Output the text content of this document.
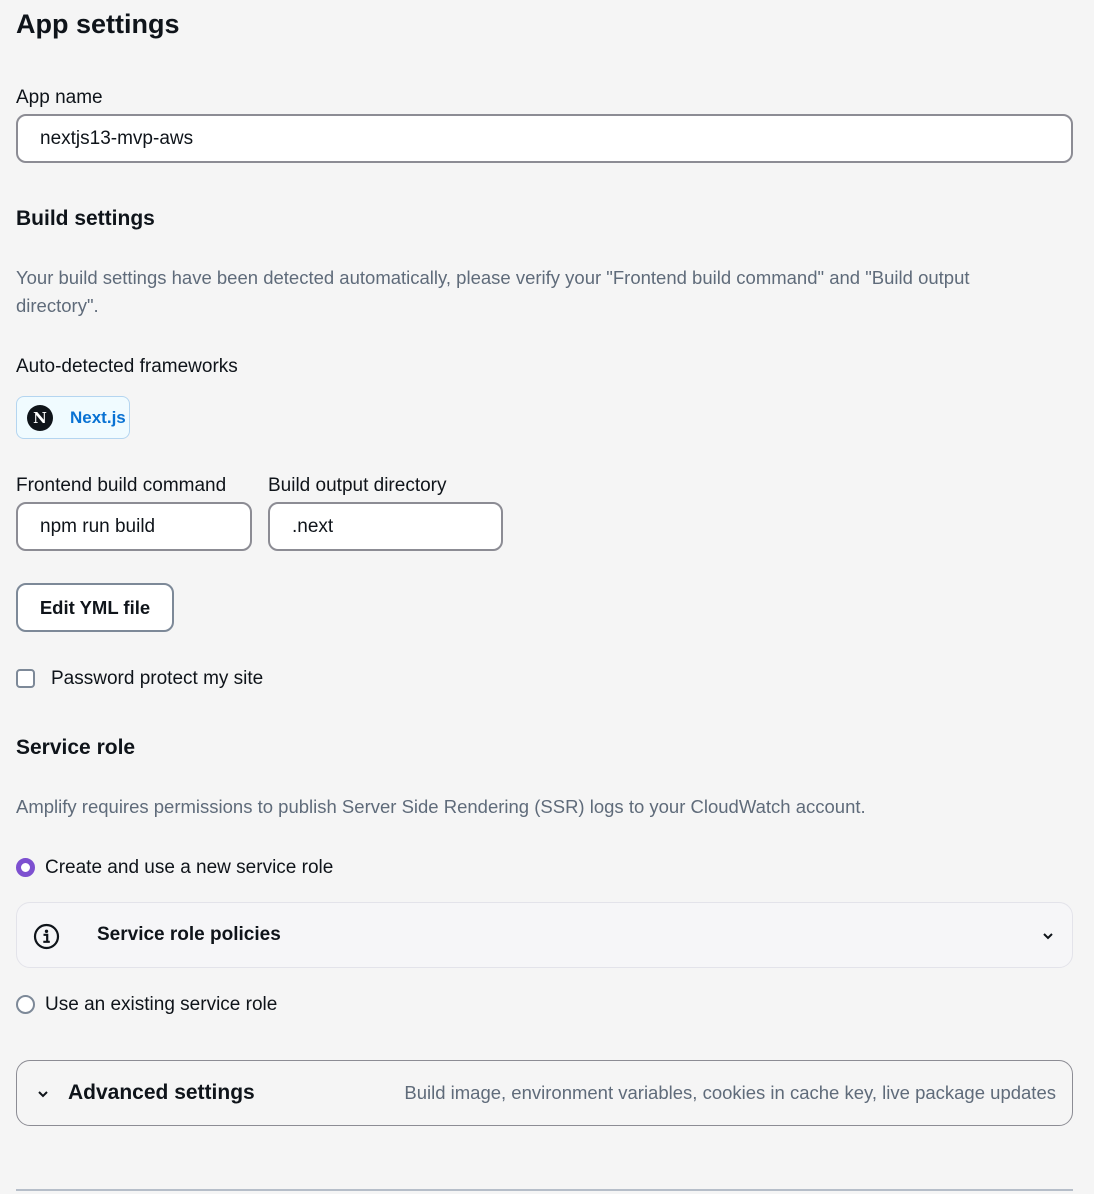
App settings
App name
nextjs13-mvp-aws
Build settings
Your build settings have been detected automatically, please verify your "Frontend build command" and "Build output directory".
Auto-detected frameworks
N	Next.js
Frontend build command
npm run build
Build output directory
.next
Edit YML file
Password protect my site
Service role
Amplify requires permissions to publish Server Side Rendering (SSR) logs to your CloudWatch account.
Create and use a new service role
Service role policies
Use an existing service role
Advanced settings	Build image, environment variables, cookies in cache key, live package updates
